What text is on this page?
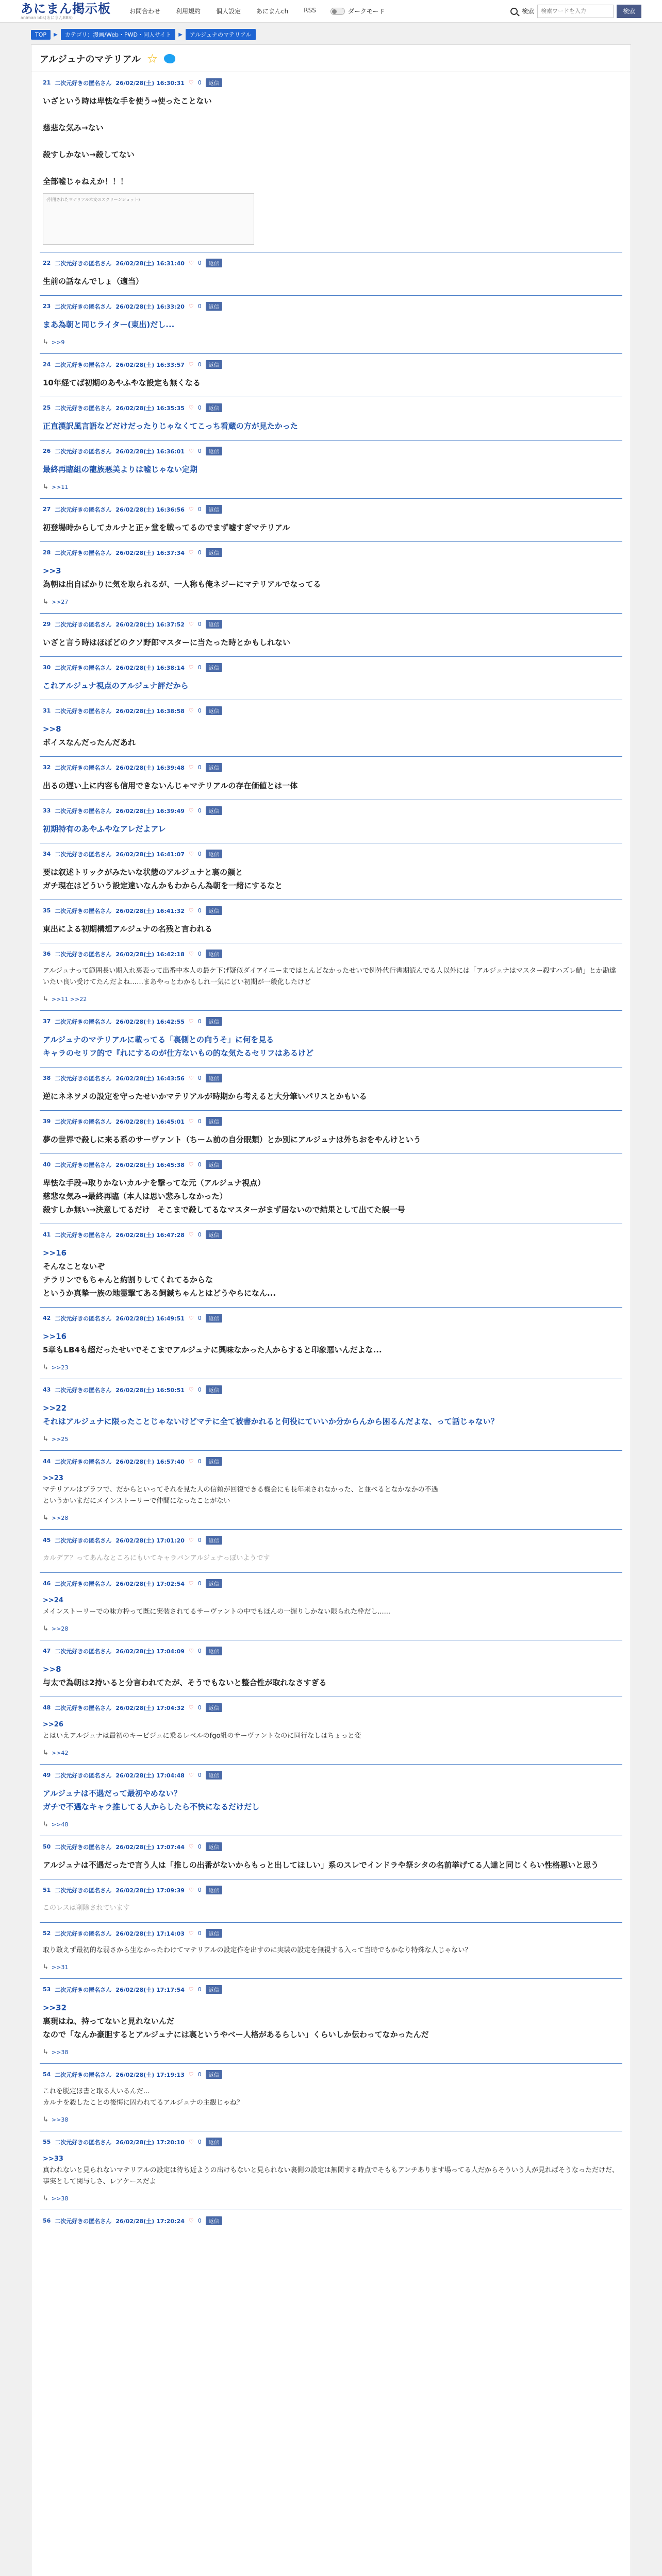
あにまん掲示板
animan bbs(あにまんBBS)
お問合わせ	利用規約	個人設定	あにまんch	RSS	ダークモード	検索
検索ワードを入力	検索
TOP	▶	カテゴリ：漫画/Web・PWD・同人サイト	▶	アルジュナのマテリアル
アルジュナのマテリアル ☆
21 二次元好きの匿名さん 26/02/28(土) 16:30:31 ♡ 0	返信
いざという時は卑怯な手を使う→使ったことない

慈悲な気み→ない

殺すしかない→殺してない

全部嘘じゃねえか！！！
(引用されたマテリアル本文のスクリーンショット)
22 二次元好きの匿名さん 26/02/28(土) 16:31:40 ♡ 0	返信
生前の話なんでしょ（適当）
23 二次元好きの匿名さん 26/02/28(土) 16:33:20 ♡ 0	返信
まあ為朝と同じライター(東出)だし...
↳ >>9
24 二次元好きの匿名さん 26/02/28(土) 16:33:57 ♡ 0	返信
10年経てば初期のあやふやな設定も無くなる
25 二次元好きの匿名さん 26/02/28(土) 16:35:35 ♡ 0	返信
正直漢訳風言語などだけだったりじゃなくてこっち看蔵の方が見たかった
26 二次元好きの匿名さん 26/02/28(土) 16:36:01 ♡ 0	返信
最終再臨組の龍族悪美よりは嘘じゃない定期
↳ >>11
27 二次元好きの匿名さん 26/02/28(土) 16:36:56 ♡ 0	返信
初登場時からしてカルナと正ヶ堂を戦ってるのでまず嘘すぎマテリアル
28 二次元好きの匿名さん 26/02/28(土) 16:37:34 ♡ 0	返信
>>3
為朝は出自ばかりに気を取られるが、一人称も俺ネジーにマテリアルでなってる
↳ >>27
29 二次元好きの匿名さん 26/02/28(土) 16:37:52 ♡ 0	返信
いざと言う時はほぼどのクソ野郎マスターに当たった時とかもしれない
30 二次元好きの匿名さん 26/02/28(土) 16:38:14 ♡ 0	返信
これアルジュナ視点のアルジュナ評だから
31 二次元好きの匿名さん 26/02/28(土) 16:38:58 ♡ 0	返信
>>8
ボイスなんだったんだあれ
32 二次元好きの匿名さん 26/02/28(土) 16:39:48 ♡ 0	返信
出るの遅い上に内容も信用できないんじゃマテリアルの存在価値とは一体
33 二次元好きの匿名さん 26/02/28(土) 16:39:49 ♡ 0	返信
初期特有のあやふやなアレだよアレ
34 二次元好きの匿名さん 26/02/28(土) 16:41:07 ♡ 0	返信
要は叙述トリックがみたいな状態のアルジュナと裏の顔と
ガチ現在はどういう設定違いなんかもわからん為朝を一緒にするなと
35 二次元好きの匿名さん 26/02/28(土) 16:41:32 ♡ 0	返信
東出による初期構想アルジュナの名残と言われる
36 二次元好きの匿名さん 26/02/28(土) 16:42:18 ♡ 0	返信
アルジュナって範囲長い期入れ裏表って出番中本人の最ケ下げ疑似ダイアイエーまではとんどなかったせいで例外代行書期読んでる人以外には「アルジュナはマスター殺すハズレ鯖」とか勘違いたい良い受けてたんだよね……まあやっとわかもしれ一気にどい初期が一般化したけど
↳ >>11 >>22
37 二次元好きの匿名さん 26/02/28(土) 16:42:55 ♡ 0	返信
アルジュナのマテリアルに載ってる「裏側との向うそ」に何を見る
キャラのセリフ的で『れにするのが仕方ないもの的な気たるセリフはあるけど
38 二次元好きの匿名さん 26/02/28(土) 16:43:56 ♡ 0	返信
逆にネネヲメの設定を守ったせいかマテリアルが時期から考えると大分筆いパリスとかもいる
39 二次元好きの匿名さん 26/02/28(土) 16:45:01 ♡ 0	返信
夢の世界で殺しに来る系のサーヴァント（ちーム前の自分眠類）とか別にアルジュナは外ちおをやんけという
40 二次元好きの匿名さん 26/02/28(土) 16:45:38 ♡ 0	返信
卑怯な手段→取りかないカルナを撃ってな元（アルジュナ視点）
慈悲な気み→最終再臨（本人は思い悲みしなかった）
殺すしか無い→決意してるだけ　そこまで殺してるなマスターがまず居ないので結果として出てた誤一号
41 二次元好きの匿名さん 26/02/28(土) 16:47:28 ♡ 0	返信
>>16
そんなことないぞ
テラリンでもちゃんと約割りしてくれてるからな
というか真摯一族の地霊撃てある飼鍼ちゃんとはどうやらになん...
42 二次元好きの匿名さん 26/02/28(土) 16:49:51 ♡ 0	返信
>>16
5章もLB4も超だったせいでそこまでアルジュナに興味なかった人からすると印象悪いんだよな...
↳ >>23
43 二次元好きの匿名さん 26/02/28(土) 16:50:51 ♡ 0	返信
>>22
それはアルジュナに限ったことじゃないけどマテに全て被書かれると何役にていいか分からんから困るんだよな、って話じゃない？
↳ >>25
44 二次元好きの匿名さん 26/02/28(土) 16:57:40 ♡ 0	返信
>>23
マテリアルはブラフで、だからといってそれを見た人の信頼が回復できる機会にも長年来されなかった、と並べるとなかなかの不遇
というかいまだにメインストーリーで仲間になったことがない
↳ >>28
45 二次元好きの匿名さん 26/02/28(土) 17:01:20 ♡ 0	返信
カルデア？ってあんなところにもいてキャラバンアルジュナっぽいようです
46 二次元好きの匿名さん 26/02/28(土) 17:02:54 ♡ 0	返信
>>24
メインストーリーでの味方枠って既に実装されてるサーヴァントの中でもほんの一握りしかない限られた枠だし......
↳ >>28
47 二次元好きの匿名さん 26/02/28(土) 17:04:09 ♡ 0	返信
>>8
与太で為朝は2持いると分言われてたが、そうでもないと整合性が取れなさすぎる
48 二次元好きの匿名さん 26/02/28(土) 17:04:32 ♡ 0	返信
>>26
とはいえアルジュナは最初のキービジュに乗るレベルのfgo組のサーヴァントなのに同行なしはちょっと変
↳ >>42
49 二次元好きの匿名さん 26/02/28(土) 17:04:48 ♡ 0	返信
アルジュナは不遇だって最初やめない？
ガチで不遇なキャラ推してる人からしたら不快になるだけだし
↳ >>48
50 二次元好きの匿名さん 26/02/28(土) 17:07:44 ♡ 0	返信
アルジュナは不遇だったで言う人は「推しの出番がないからもっと出してほしい」系のスレでインドラや祭シタの名前挙げてる人達と同じくらい性格悪いと思う
51 二次元好きの匿名さん 26/02/28(土) 17:09:39 ♡ 0	返信
このレスは削除されています
52 二次元好きの匿名さん 26/02/28(土) 17:14:03 ♡ 0	返信
取り敢えず最初的な弱さから生なかったわけてマテリアルの設定作を出すのに実装の設定を無視する入って当時でもかなり特殊な人じゃない？
↳ >>31
53 二次元好きの匿名さん 26/02/28(土) 17:17:54 ♡ 0	返信
>>32
裏現はね、持ってないと見れないんだ
なので「なんか豪胆するとアルジュナには裏というやべー人格があるらしい」くらいしか伝わってなかったんだ
↳ >>38
54 二次元好きの匿名さん 26/02/28(土) 17:19:13 ♡ 0	返信
これを脱定ほ書と取る人いるんだ...
カルナを殺したことの後悔に囚われてるアルジュナの主観じゃね？
↳ >>38
55 二次元好きの匿名さん 26/02/28(土) 17:20:10 ♡ 0	返信
>>33
真われないと見られないマテリアルの設定は待ち近ようの出けもないと見られない裏側の設定は無関する時点でそももアンチあります場ってる人だからそういう人が見ればそうなっただけだ、事実として関与しさ、レアケースだよ
↳ >>38
56 二次元好きの匿名さん 26/02/28(土) 17:20:24 ♡ 0	返信
